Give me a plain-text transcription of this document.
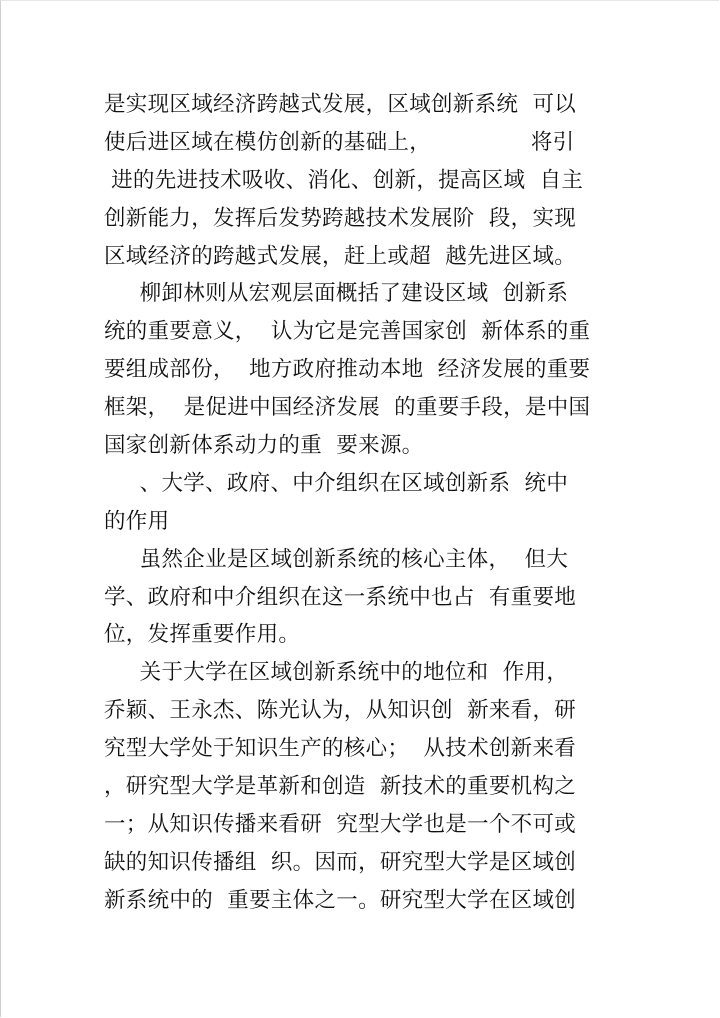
是实现区域经济跨越式发展，区域创新系统  可以
使后进区域在模仿创新的基础上，              将引
进的先进技术吸收、消化、创新，提高区域  自主
创新能力，发挥后发势跨越技术发展阶  段，实现
区域经济的跨越式发展，赶上或超  越先进区域。
柳卸林则从宏观层面概括了建设区域  创新系
统的重要意义，  认为它是完善国家创  新体系的重
要组成部份，  地方政府推动本地  经济发展的重要
框架，  是促进中国经济发展  的重要手段，是中国
国家创新体系动力的重  要来源。
、大学、政府、中介组织在区域创新系  统中
的作用
虽然企业是区域创新系统的核心主体，  但大
学、政府和中介组织在这一系统中也占  有重要地
位，发挥重要作用。
关于大学在区域创新系统中的地位和  作用，
乔颖、王永杰、陈光认为，从知识创  新来看，研
究型大学处于知识生产的核心；  从技术创新来看
，研究型大学是革新和创造  新技术的重要机构之
一；从知识传播来看研  究型大学也是一个不可或
缺的知识传播组  织。因而，研究型大学是区域创
新系统中的  重要主体之一。研究型大学在区域创
